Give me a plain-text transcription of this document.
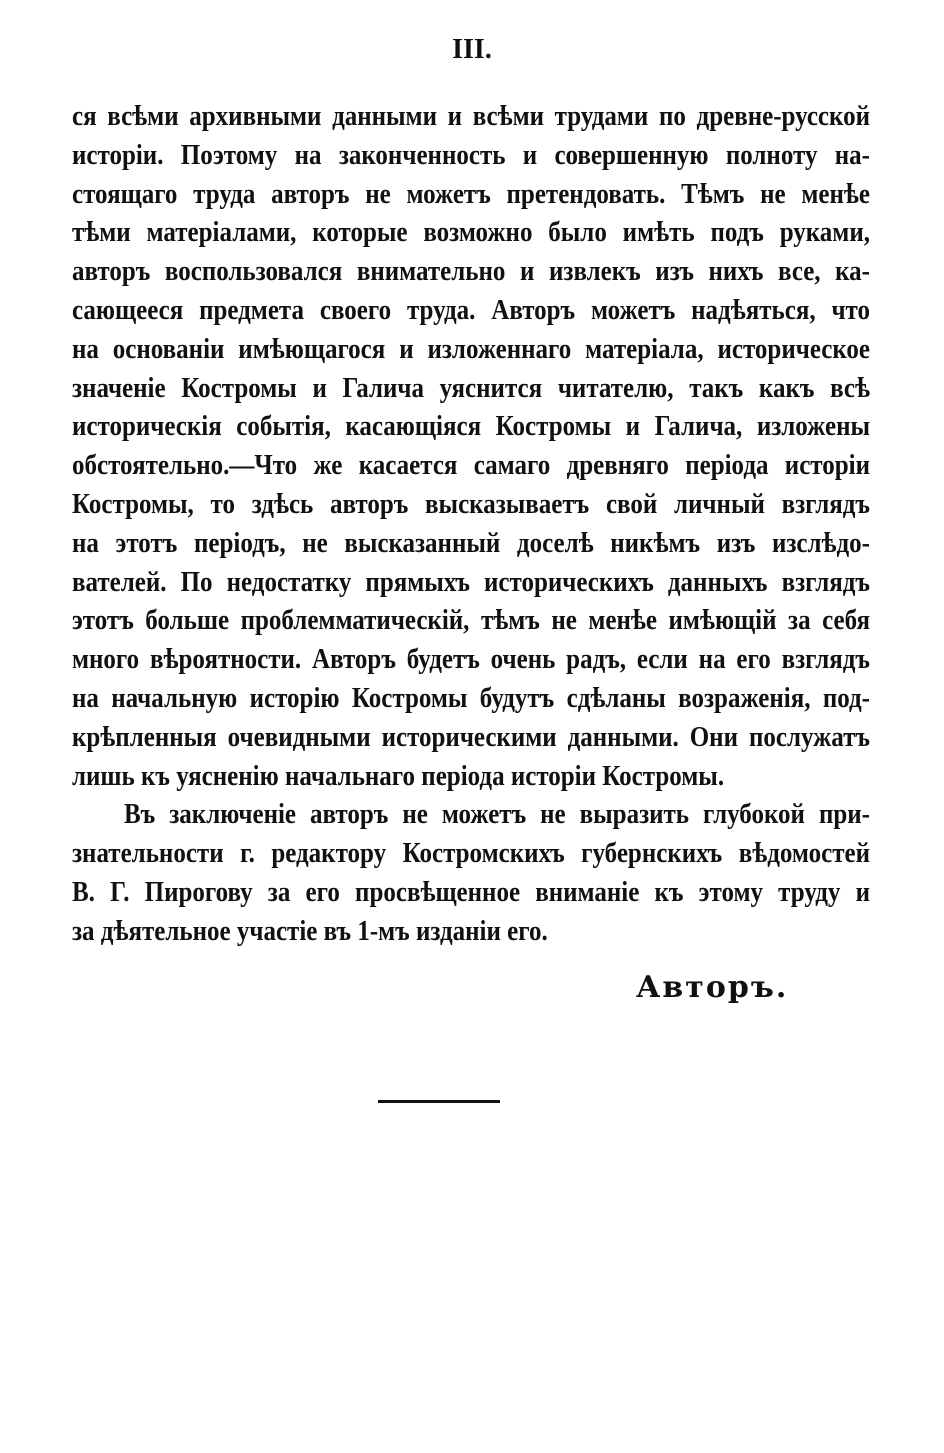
III.
ся всѣми архивными данными и всѣми трудами по древне-русской
исторiи. Поэтому на законченность и совершенную полноту на-
стоящаго труда авторъ не можетъ претендовать. Тѣмъ не менѣе
тѣми матерiалами, которые возможно было имѣть подъ руками,
авторъ воспользовался внимательно и извлекъ изъ нихъ все, ка-
сающееся предмета своего труда. Авторъ можетъ надѣяться, что
на основанiи имѣющагося и изложеннаго матерiала, историческое
значенiе Костромы и Галича уяснится читателю, такъ какъ всѣ
историческiя событiя, касающiяся Костромы и Галича, изложены
обстоятельно.—Что же касается самаго древняго перiода исторiи
Костромы, то здѣсь авторъ высказываетъ свой личный взглядъ
на этотъ перiодъ, не высказанный доселѣ никѣмъ изъ изслѣдо-
вателей. По недостатку прямыхъ историческихъ данныхъ взглядъ
этотъ больше проблемматическiй, тѣмъ не менѣе имѣющiй за себя
много вѣроятности. Авторъ будетъ очень радъ, если на его взглядъ
на начальную исторiю Костромы будутъ сдѣланы возраженiя, под-
крѣпленныя очевидными историческими данными. Они послужатъ
лишь къ уясненiю начальнаго перiода исторiи Костромы.
Въ заключенiе авторъ не можетъ не выразить глубокой при-
знательности г. редактору Костромскихъ губернскихъ вѣдомостей
В. Г. Пирогову за его просвѣщенное вниманiе къ этому труду и
за дѣятельное участiе въ 1-мъ изданiи его.
Авторъ.
